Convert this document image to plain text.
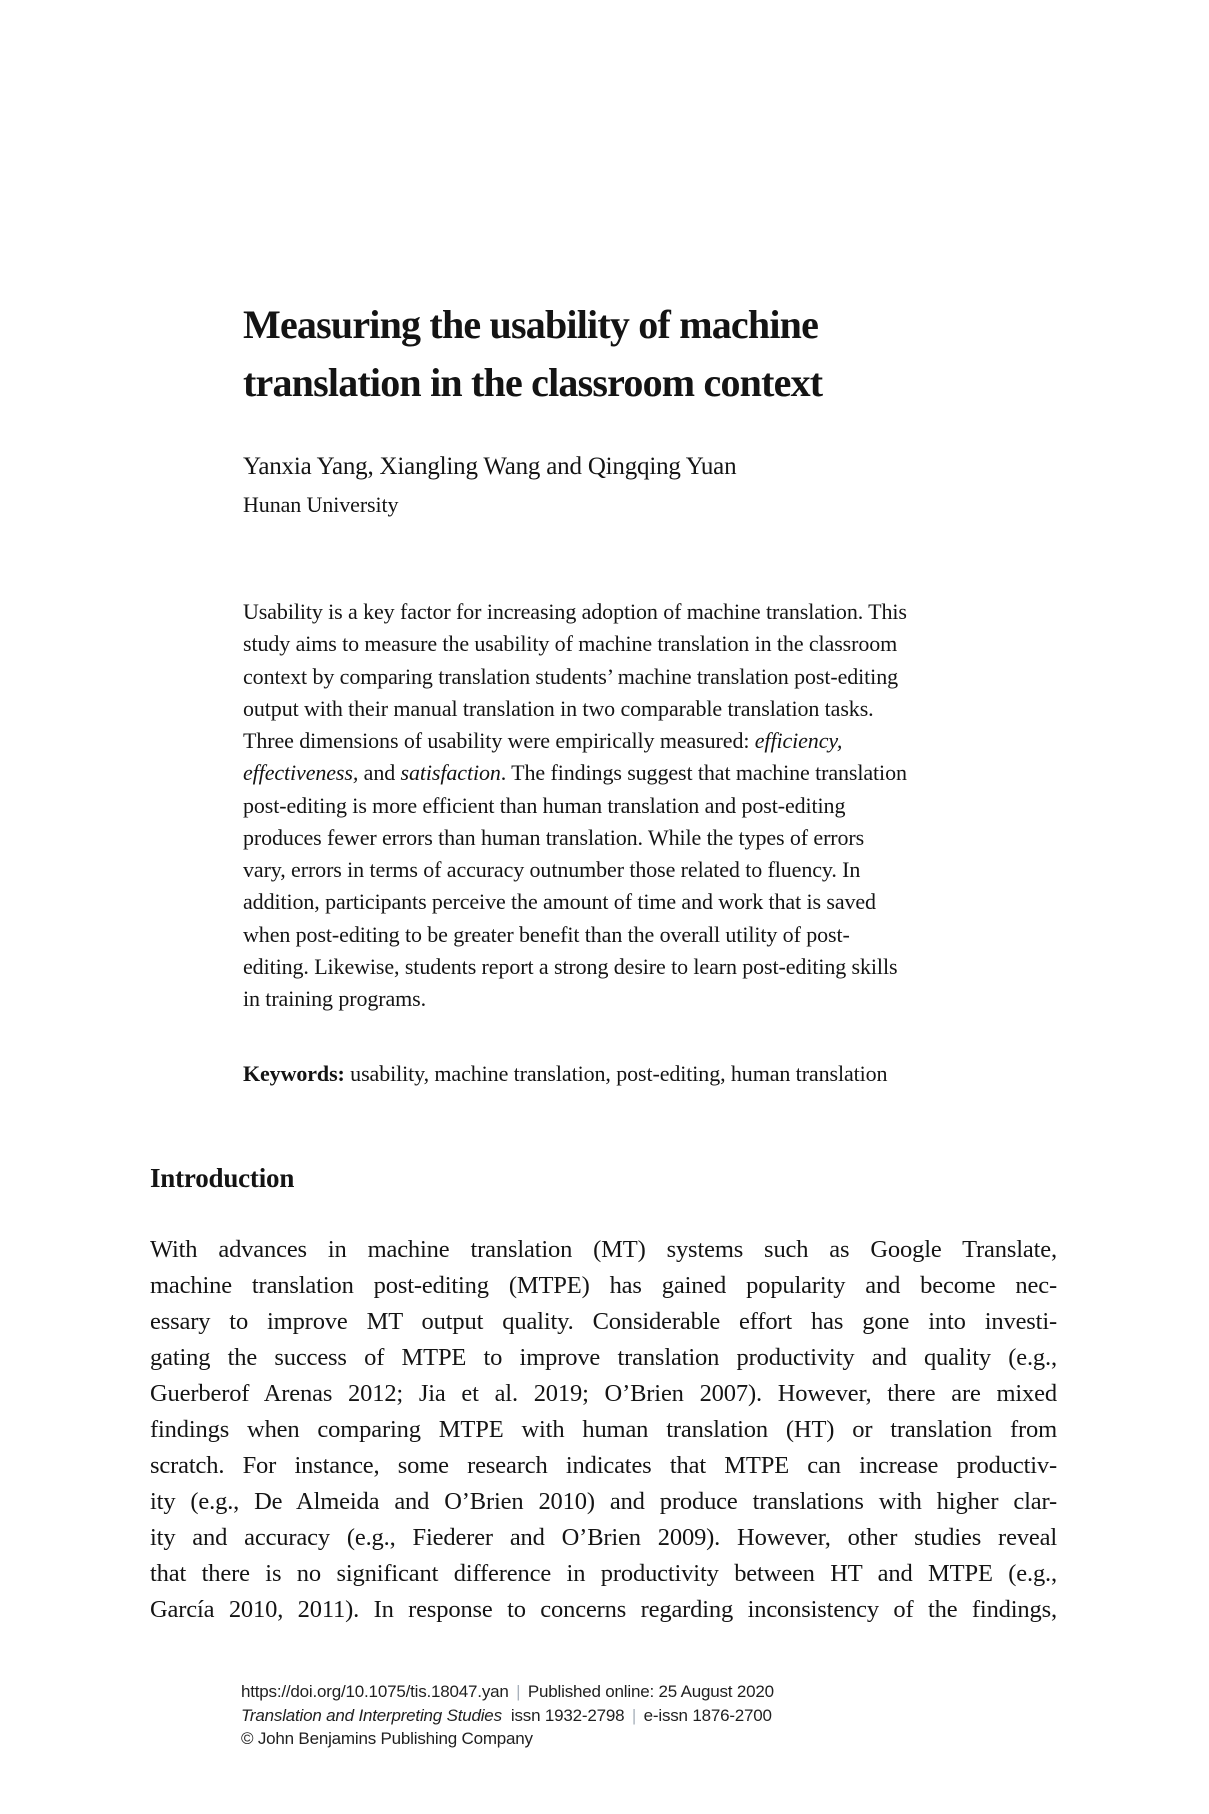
Measuring the usability of machine
translation in the classroom context
Yanxia Yang, Xiangling Wang and Qingqing Yuan
Hunan University
Usability is a key factor for increasing adoption of machine translation. This
study aims to measure the usability of machine translation in the classroom
context by comparing translation students’ machine translation post-editing
output with their manual translation in two comparable translation tasks.
Three dimensions of usability were empirically measured: efficiency,
effectiveness, and satisfaction. The findings suggest that machine translation
post-editing is more efficient than human translation and post-editing
produces fewer errors than human translation. While the types of errors
vary, errors in terms of accuracy outnumber those related to fluency. In
addition, participants perceive the amount of time and work that is saved
when post-editing to be greater benefit than the overall utility of post-
editing. Likewise, students report a strong desire to learn post-editing skills
in training programs.
Keywords: usability, machine translation, post-editing, human translation
Introduction
With advances in machine translation (MT) systems such as Google Translate,
machine translation post-editing (MTPE) has gained popularity and become nec-
essary to improve MT output quality. Considerable effort has gone into investi-
gating the success of MTPE to improve translation productivity and quality (e.g.,
Guerberof Arenas 2012; Jia et al. 2019; O’Brien 2007). However, there are mixed
findings when comparing MTPE with human translation (HT) or translation from
scratch. For instance, some research indicates that MTPE can increase productiv-
ity (e.g., De Almeida and O’Brien 2010) and produce translations with higher clar-
ity and accuracy (e.g., Fiederer and O’Brien 2009). However, other studies reveal
that there is no significant difference in productivity between HT and MTPE (e.g.,
García 2010, 2011). In response to concerns regarding inconsistency of the findings,
https://doi.org/10.1075/tis.18047.yan | Published online: 25 August 2020
Translation and Interpreting Studies  issn 1932-2798 | e-issn 1876-2700
© John Benjamins Publishing Company
